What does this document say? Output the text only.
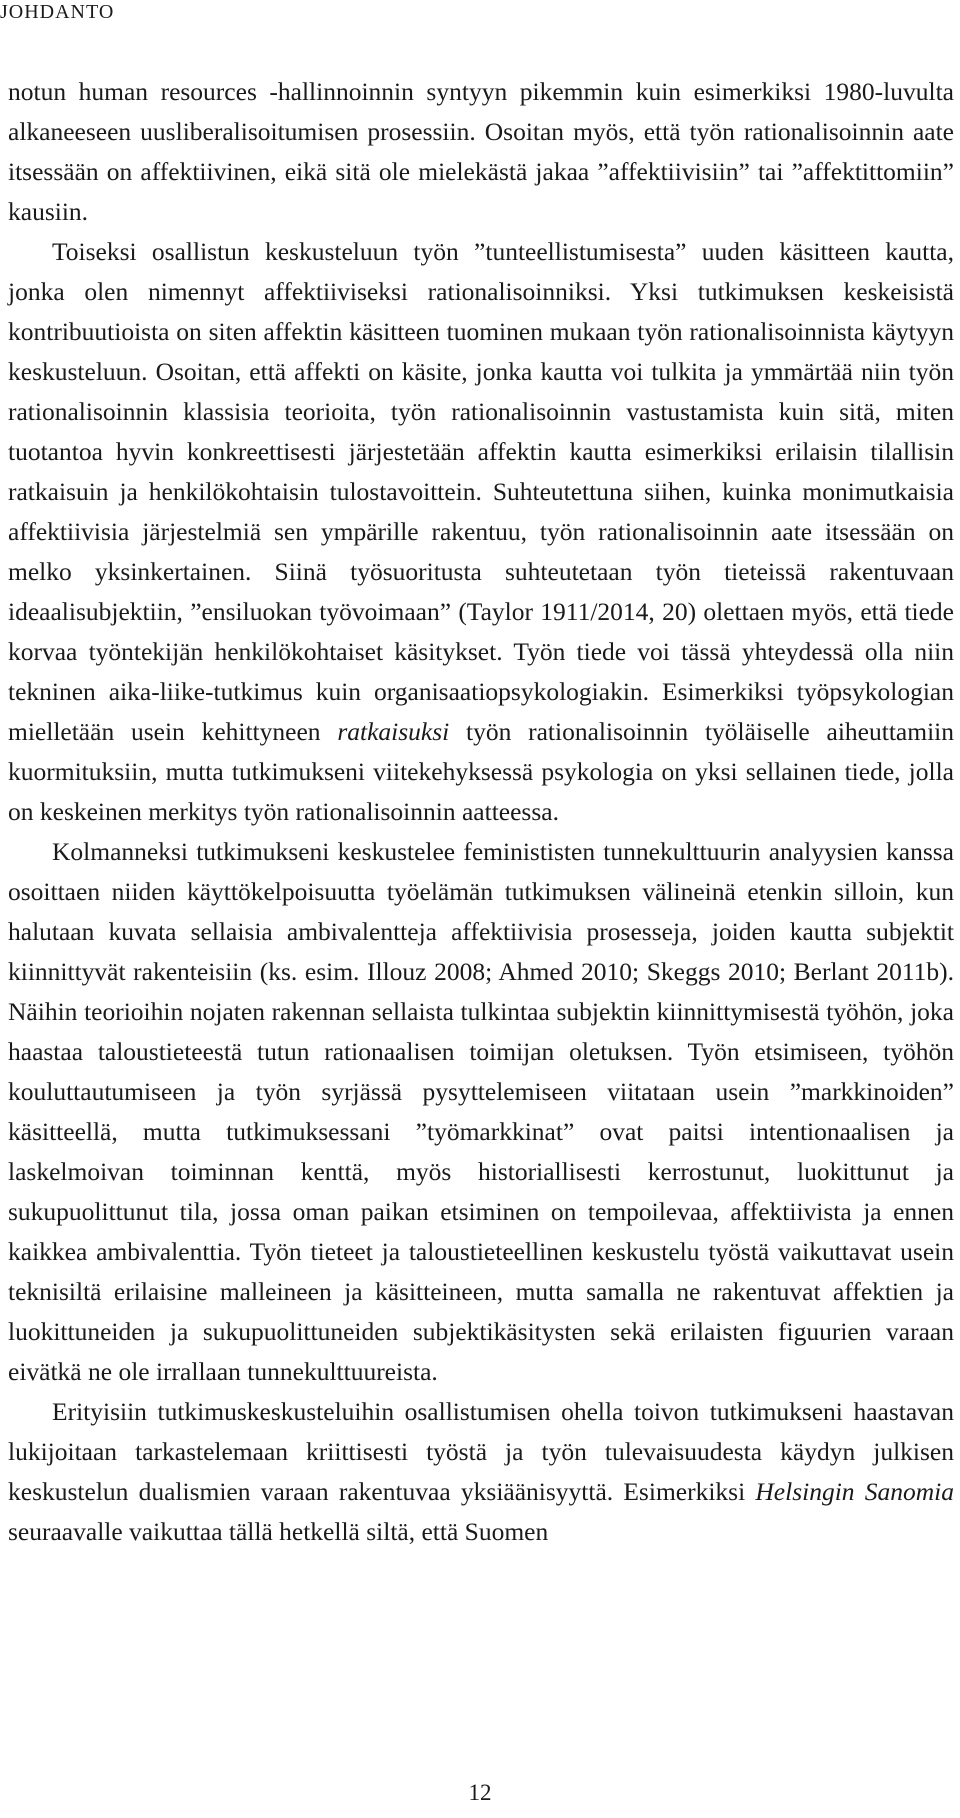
JOHDANTO

notun human resources -hallinnoinnin syntyyn pikemmin kuin esimerkiksi 1980-luvulta alkaneeseen uusliberalisoitumisen prosessiin. Osoitan myös, että työn rationalisoinnin aate itsessään on affektiivinen, eikä sitä ole mielekästä jakaa ”affektiivisiin” tai ”affektittomiin” kausiin.

Toiseksi osallistun keskusteluun työn ”tunteellistumisesta” uuden käsitteen kautta, jonka olen nimennyt affektiiviseksi rationalisoinniksi. Yksi tutkimuksen keskeisistä kontribuutioista on siten affektin käsitteen tuominen mukaan työn rationalisoinnista käytyyn keskusteluun. Osoitan, että affekti on käsite, jonka kautta voi tulkita ja ymmärtää niin työn rationalisoinnin klassisia teorioita, työn rationalisoinnin vastustamista kuin sitä, miten tuotantoa hyvin konkreettisesti järjestetään affektin kautta esimerkiksi erilaisin tilallisin ratkaisuin ja henkilökohtaisin tulostavoittein. Suhteutettuna siihen, kuinka monimutkaisia affektiivisia järjestelmiä sen ympärille rakentuu, työn rationalisoinnin aate itsessään on melko yksinkertainen. Siinä työsuoritusta suhteutetaan työn tieteissä rakentuvaan ideaalisubjektiin, ”ensiluokan työvoimaan” (Taylor 1911/2014, 20) olettaen myös, että tiede korvaa työntekijän henkilökohtaiset käsitykset. Työn tiede voi tässä yhteydessä olla niin tekninen aika-liike-tutkimus kuin organisaatiopsykologiakin. Esimerkiksi työpsykologian mielletään usein kehittyneen ratkaisuksi työn rationalisoinnin työläiselle aiheuttamiin kuormituksiin, mutta tutkimukseni viitekehyksessä psykologia on yksi sellainen tiede, jolla on keskeinen merkitys työn rationalisoinnin aatteessa.

Kolmanneksi tutkimukseni keskustelee feminististen tunnekulttuurin analyysien kanssa osoittaen niiden käyttökelpoisuutta työelämän tutkimuksen välineinä etenkin silloin, kun halutaan kuvata sellaisia ambivalentteja affektiivisia prosesseja, joiden kautta subjektit kiinnittyvät rakenteisiin (ks. esim. Illouz 2008; Ahmed 2010; Skeggs 2010; Berlant 2011b). Näihin teorioihin nojaten rakennan sellaista tulkintaa subjektin kiinnittymisestä työhön, joka haastaa taloustieteestä tutun rationaalisen toimijan oletuksen. Työn etsimiseen, työhön kouluttautumiseen ja työn syrjässä pysyttelemiseen viitataan usein ”markkinoiden” käsitteellä, mutta tutkimuksessani ”työmarkkinat” ovat paitsi intentionaalisen ja laskelmoivan toiminnan kenttä, myös historiallisesti kerrostunut, luokittunut ja sukupuolittunut tila, jossa oman paikan etsiminen on tempoilevaa, affektiivista ja ennen kaikkea ambivalenttia. Työn tieteet ja taloustieteellinen keskustelu työstä vaikuttavat usein teknisiltä erilaisine malleineen ja käsitteineen, mutta samalla ne rakentuvat affektien ja luokittuneiden ja sukupuolittuneiden subjektikäsitysten sekä erilaisten figuurien varaan eivätkä ne ole irrallaan tunnekulttuureista.

Erityisiin tutkimuskeskusteluihin osallistumisen ohella toivon tutkimukseni haastavan lukijoitaan tarkastelemaan kriittisesti työstä ja työn tulevaisuudesta käydyn julkisen keskustelun dualismien varaan rakentuvaa yksiäänisyyttä. Esimerkiksi Helsingin Sanomia seuraavalle vaikuttaa tällä hetkellä siltä, että Suomen

12
